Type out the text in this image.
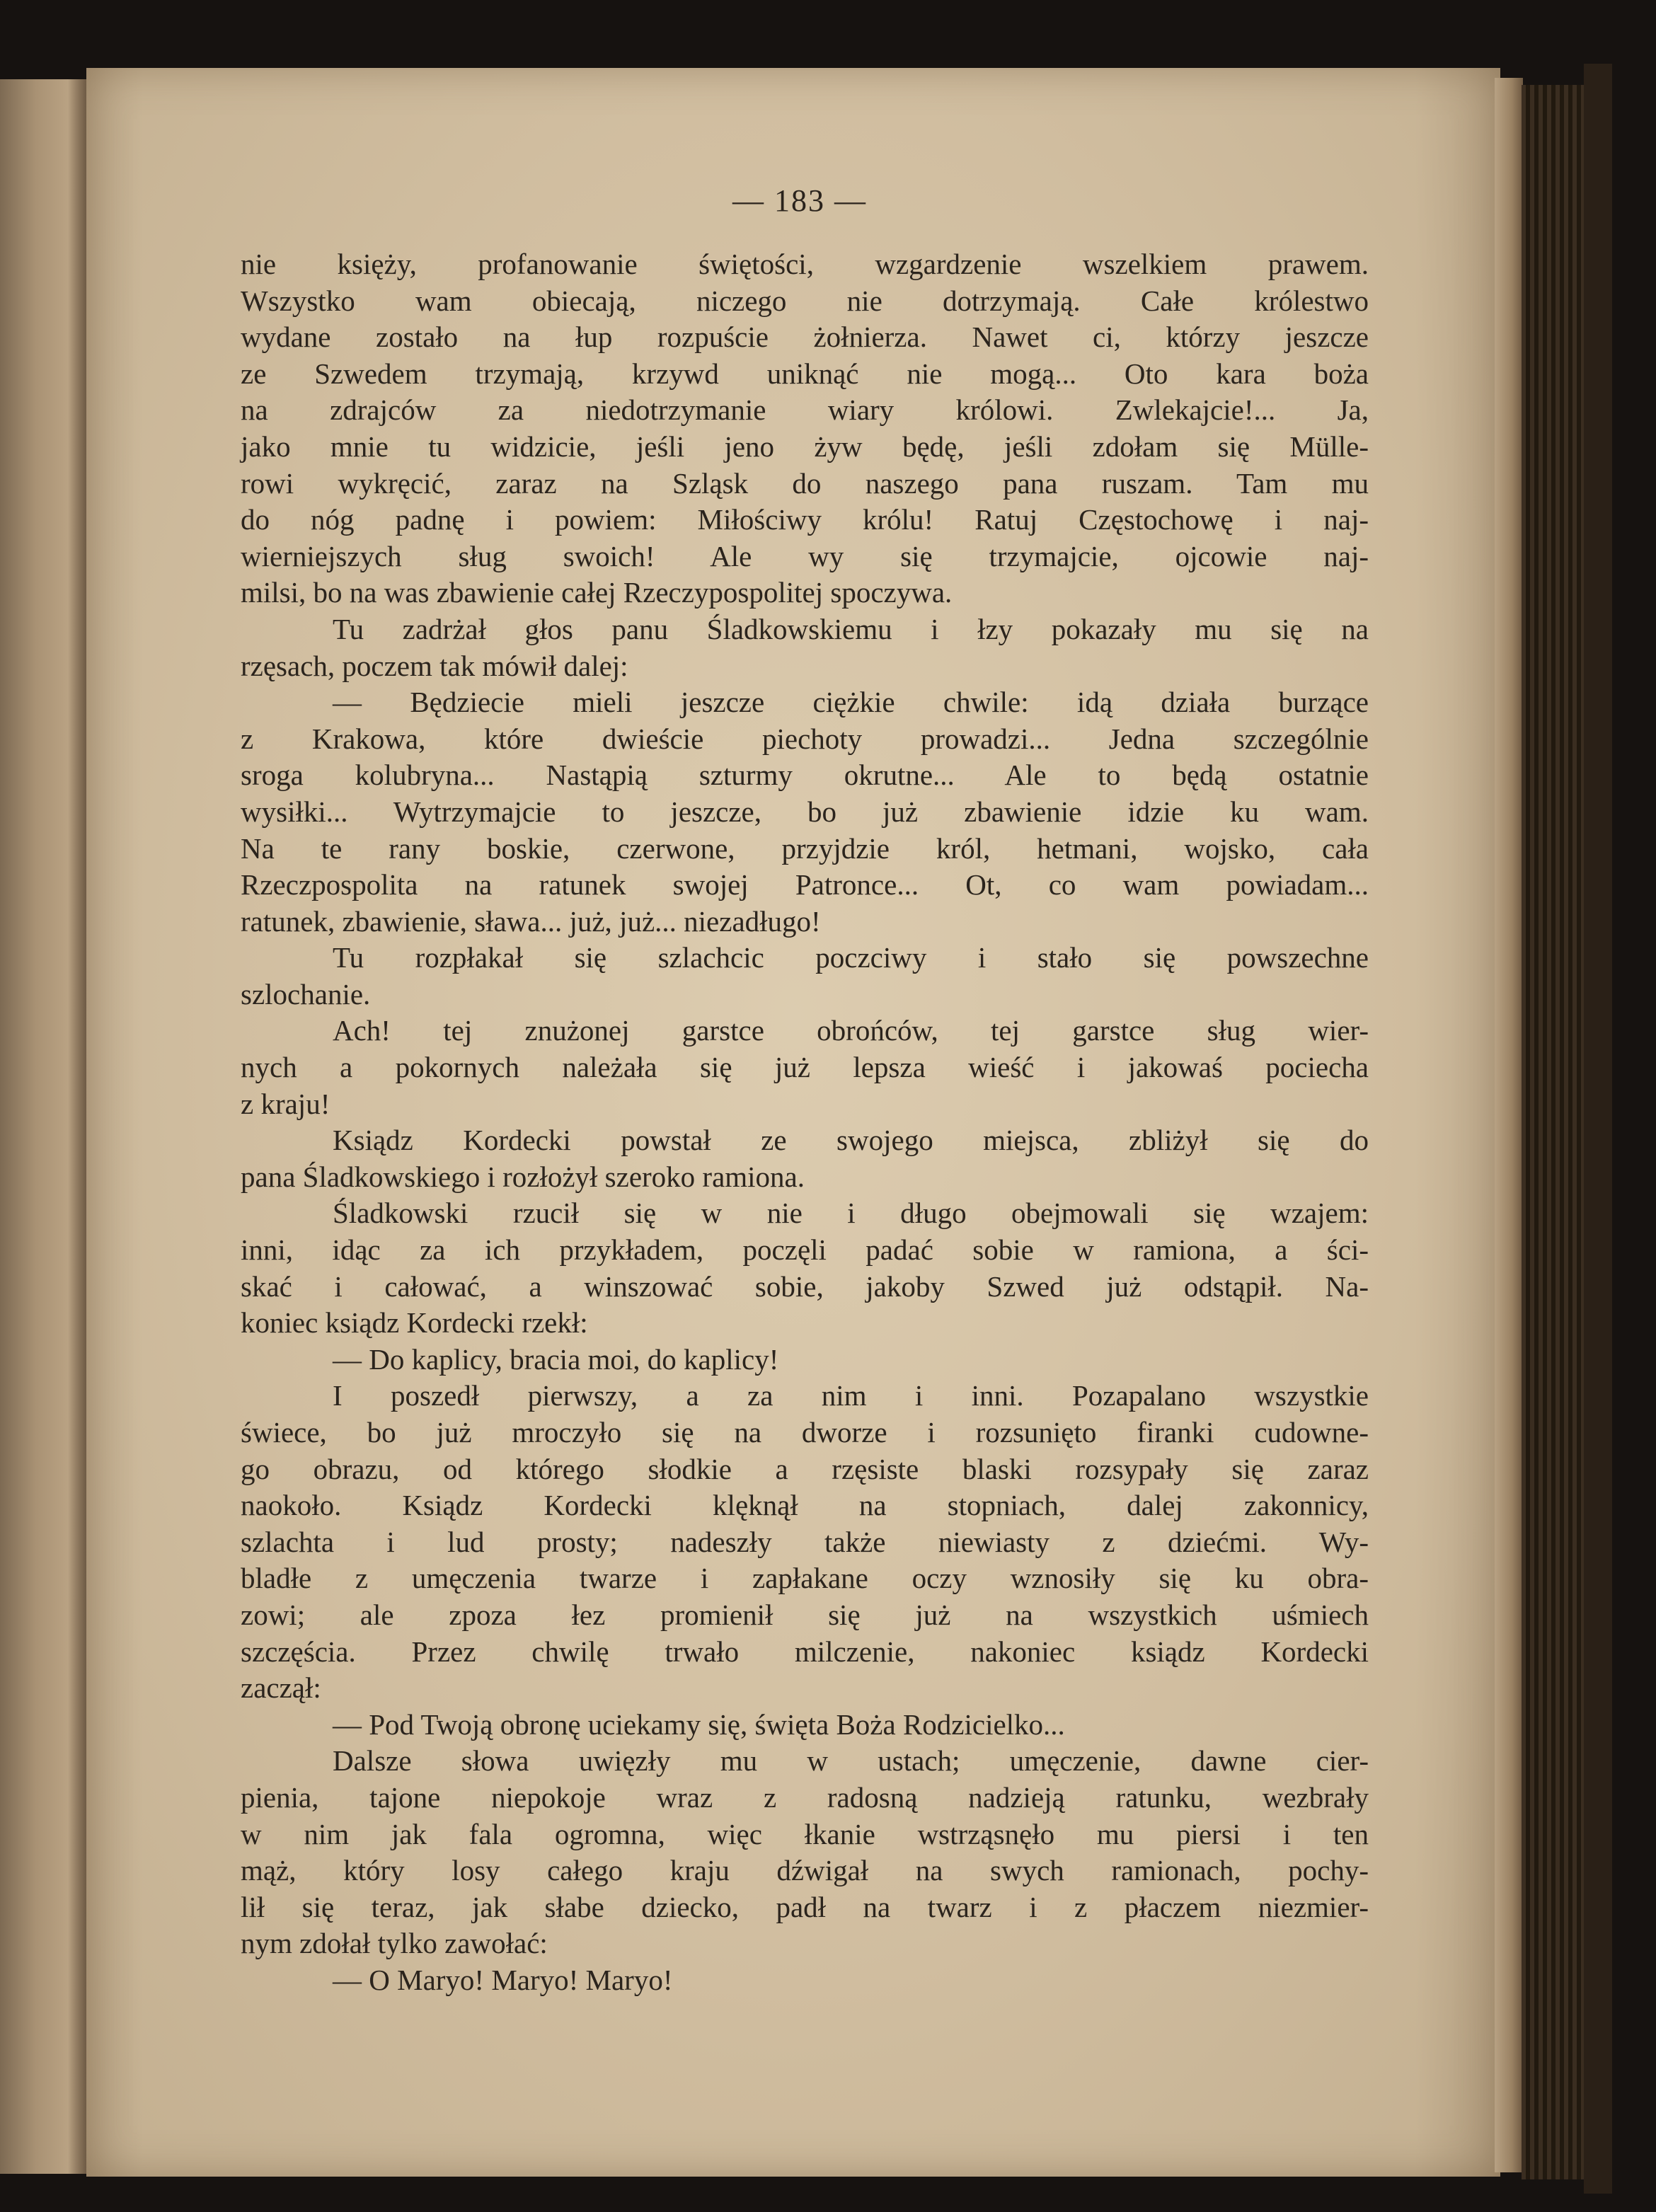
— 183 —
nie księży, profanowanie świętości, wzgardzenie wszelkiem prawem.
Wszystko wam obiecają, niczego nie dotrzymają. Całe królestwo
wydane zostało na łup rozpuście żołnierza. Nawet ci, którzy jeszcze
ze Szwedem trzymają, krzywd uniknąć nie mogą... Oto kara boża
na zdrajców za niedotrzymanie wiary królowi. Zwlekajcie!... Ja,
jako mnie tu widzicie, jeśli jeno żyw będę, jeśli zdołam się Mülle-
rowi wykręcić, zaraz na Szląsk do naszego pana ruszam. Tam mu
do nóg padnę i powiem: Miłościwy królu! Ratuj Częstochowę i naj-
wierniejszych sług swoich! Ale wy się trzymajcie, ojcowie naj-
milsi, bo na was zbawienie całej Rzeczypospolitej spoczywa.
Tu zadrżał głos panu Śladkowskiemu i łzy pokazały mu się na
rzęsach, poczem tak mówił dalej:
— Będziecie mieli jeszcze ciężkie chwile: idą działa burzące
z Krakowa, które dwieście piechoty prowadzi... Jedna szczególnie
sroga kolubryna... Nastąpią szturmy okrutne... Ale to będą ostatnie
wysiłki... Wytrzymajcie to jeszcze, bo już zbawienie idzie ku wam.
Na te rany boskie, czerwone, przyjdzie król, hetmani, wojsko, cała
Rzeczpospolita na ratunek swojej Patronce... Ot, co wam powiadam...
ratunek, zbawienie, sława... już, już... niezadługo!
Tu rozpłakał się szlachcic poczciwy i stało się powszechne
szlochanie.
Ach! tej znużonej garstce obrońców, tej garstce sług wier-
nych a pokornych należała się już lepsza wieść i jakowaś pociecha
z kraju!
Ksiądz Kordecki powstał ze swojego miejsca, zbliżył się do
pana Śladkowskiego i rozłożył szeroko ramiona.
Śladkowski rzucił się w nie i długo obejmowali się wzajem:
inni, idąc za ich przykładem, poczęli padać sobie w ramiona, a ści-
skać i całować, a winszować sobie, jakoby Szwed już odstąpił. Na-
koniec ksiądz Kordecki rzekł:
— Do kaplicy, bracia moi, do kaplicy!
I poszedł pierwszy, a za nim i inni. Pozapalano wszystkie
świece, bo już mroczyło się na dworze i rozsunięto firanki cudowne-
go obrazu, od którego słodkie a rzęsiste blaski rozsypały się zaraz
naokoło. Ksiądz Kordecki klęknął na stopniach, dalej zakonnicy,
szlachta i lud prosty; nadeszły także niewiasty z dziećmi. Wy-
bladłe z umęczenia twarze i zapłakane oczy wznosiły się ku obra-
zowi; ale zpoza łez promienił się już na wszystkich uśmiech
szczęścia. Przez chwilę trwało milczenie, nakoniec ksiądz Kordecki
zaczął:
— Pod Twoją obronę uciekamy się, święta Boża Rodzicielko...
Dalsze słowa uwięzły mu w ustach; umęczenie, dawne cier-
pienia, tajone niepokoje wraz z radosną nadzieją ratunku, wezbrały
w nim jak fala ogromna, więc łkanie wstrząsnęło mu piersi i ten
mąż, który losy całego kraju dźwigał na swych ramionach, pochy-
lił się teraz, jak słabe dziecko, padł na twarz i z płaczem niezmier-
nym zdołał tylko zawołać:
— O Maryo! Maryo! Maryo!
